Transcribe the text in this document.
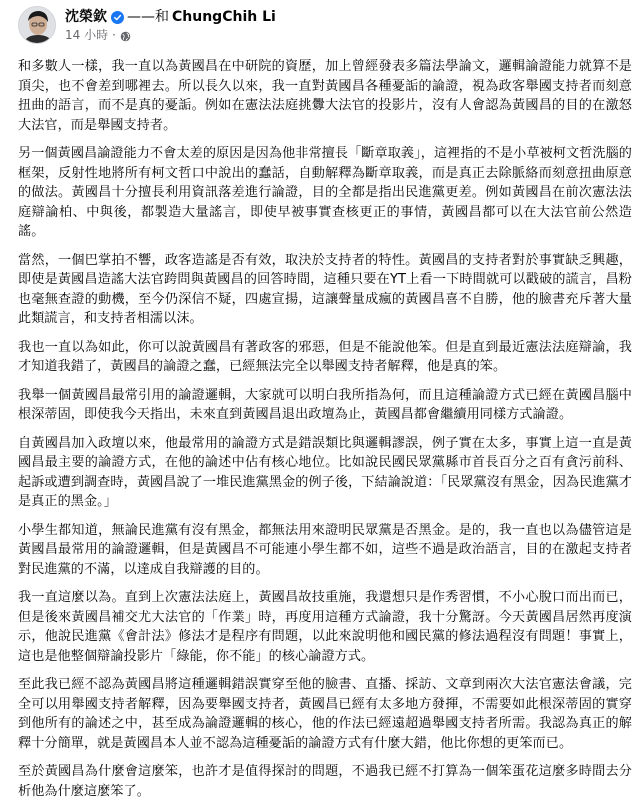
沈榮欽 ——和 ChungChih Li
14 小時 ·

和多數人一樣，我一直以為黃國昌在中研院的資歷，加上曾經發表多篇法學論文，邏輯論證能力就算不是頂尖，也不會差到哪裡去。所以長久以來，我一直對黃國昌各種憂詬的論證，視為政客舉國支持者而刻意扭曲的語言，而不是真的憂詬。例如在憲法法庭挑釁大法官的投影片，沒有人會認為黃國昌的目的在激怒大法官，而是舉國支持者。

另一個黃國昌論證能力不會太差的原因是因為他非常擅長「斷章取義」，這裡指的不是小草被柯文哲洗腦的框架，反射性地將所有柯文哲口中說出的蠢話，自動解釋為斷章取義，而是真正去除脈絡而刻意扭曲原意的做法。黃國昌十分擅長利用資訊落差進行論證，目的全都是指出民進黨更差。例如黃國昌在前次憲法法庭辯論柏、中與後，都製造大量謠言，即使早被事實查核更正的事情，黃國昌都可以在大法官前公然造謠。

當然，一個巴掌拍不響，政客造謠是否有效，取決於支持者的特性。黃國昌的支持者對於事實缺乏興趣，即使是黃國昌造謠大法官跨問與黃國昌的回答時間，這種只要在YT上看一下時間就可以戳破的謊言，昌粉也毫無查證的動機，至今仍深信不疑，四處宣揚，這讓聲量成瘋的黃國昌喜不自勝，他的臉書充斥著大量此類謊言，和支持者相濡以沫。

我也一直以為如此，你可以說黃國昌有著政客的邪惡，但是不能說他笨。但是直到最近憲法法庭辯論，我才知道我錯了，黃國昌的論證之蠢，已經無法完全以舉國支持者解釋，他是真的笨。

我舉一個黃國昌最常引用的論證邏輯，大家就可以明白我所指為何，而且這種論證方式已經在黃國昌腦中根深蒂固，即使我今天指出，未來直到黃國昌退出政壇為止，黃國昌都會繼續用同樣方式論證。

自黃國昌加入政壇以來，他最常用的論證方式是錯誤類比與邏輯謬誤，例子實在太多，事實上這一直是黃國昌最主要的論證方式，在他的論述中佔有核心地位。比如說民國民眾黨縣市首長百分之百有貪污前科、起訴或遭到調查時，黃國昌說了一堆民進黨黑金的例子後，下結論說道：「民眾黨沒有黑金，因為民進黨才是真正的黑金。」

小學生都知道，無論民進黨有沒有黑金，都無法用來證明民眾黨是否黑金。是的，我一直也以為儘管這是黃國昌最常用的論證邏輯，但是黃國昌不可能連小學生都不如，這些不過是政治語言，目的在激起支持者對民進黨的不滿，以達成自我辯護的目的。

我一直這麼以為。直到上次憲法法庭上，黃國昌故技重施，我還想只是作秀習慣，不小心脫口而出而已，但是後來黃國昌補交尤大法官的「作業」時，再度用這種方式論證，我十分驚訝。今天黃國昌居然再度演示，他說民進黨《會計法》修法才是程序有問題，以此來說明他和國民黨的修法過程沒有問題！事實上，這也是他整個辯論投影片「綠能，你不能」的核心論證方式。

至此我已經不認為黃國昌將這種邏輯錯誤實穿至他的臉書、直播、採訪、文章到兩次大法官憲法會議，完全可以用舉國支持者解釋，因為要舉國支持者，黃國昌已經有太多地方發揮，不需要如此根深蒂固的實穿到他所有的論述之中，甚至成為論證邏輯的核心，他的作法已經遠超過舉國支持者所需。我認為真正的解釋十分簡單，就是黃國昌本人並不認為這種憂詬的論證方式有什麼大錯，他比你想的更笨而已。

至於黃國昌為什麼會這麼笨，也許才是值得探討的問題，不過我已經不打算為一個笨蛋花這麼多時間去分析他為什麼這麼笨了。
